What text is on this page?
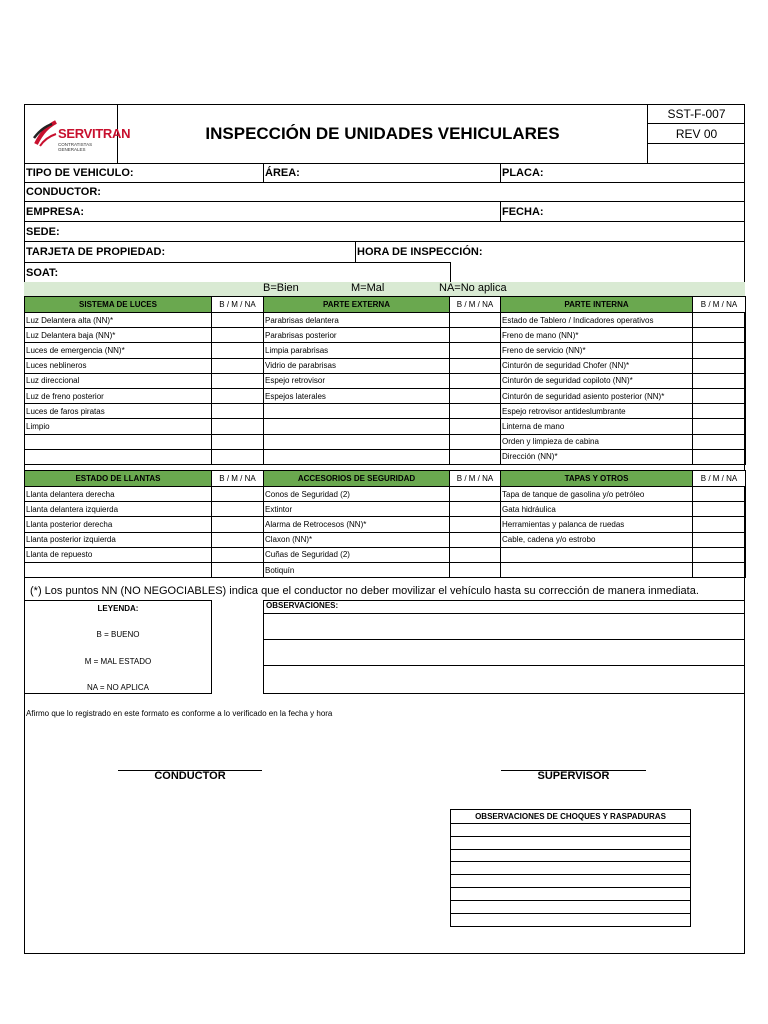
SERVITRAN
CONTRATISTAS GENERALES
INSPECCIÓN DE UNIDADES VEHICULARES
SST-F-007
REV 00
TIPO DE VEHICULO:	ÁREA:	PLACA:
CONDUCTOR:
EMPRESA:	FECHA:
SEDE:
TARJETA DE PROPIEDAD:	HORA DE INSPECCIÓN:
SOAT:
B=Bien	M=Mal	NA=No aplica
SISTEMA DE LUCES	B / M / NA	PARTE EXTERNA	B / M / NA	PARTE INTERNA	B / M / NA
Luz Delantera alta (NN)*		Parabrisas delantera		Estado de Tablero / Indicadores operativos	
Luz Delantera baja (NN)*		Parabrisas posterior		Freno de mano (NN)*	
Luces de emergencia (NN)*		Limpia parabrisas		Freno de servicio (NN)*	
Luces neblineros		Vidrio de parabrisas		Cinturón de seguridad Chofer (NN)*	
Luz direccional		Espejo retrovisor		Cinturón de seguridad copiloto (NN)*	
Luz de freno posterior		Espejos laterales		Cinturón de seguridad asiento posterior (NN)*	
Luces de faros piratas				Espejo retrovisor antideslumbrante	
Limpio				Linterna de mano	
				Orden y limpieza de cabina	
				Dirección (NN)*	
ESTADO DE LLANTAS	B / M / NA	ACCESORIOS DE SEGURIDAD	B / M / NA	TAPAS Y OTROS	B / M / NA
Llanta delantera derecha		Conos de Seguridad (2)		Tapa de tanque de gasolina y/o petróleo	
Llanta delantera izquierda		Extintor		Gata hidráulica	
Llanta posterior derecha		Alarma de Retrocesos (NN)*		Herramientas y palanca de ruedas	
Llanta posterior izquierda		Claxon (NN)*		Cable, cadena y/o estrobo	
Llanta de repuesto		Cuñas de Seguridad (2)			
		Botiquín			
(*) Los puntos NN (NO NEGOCIABLES) indica que el conductor no deber movilizar el vehículo hasta su corrección de manera inmediata.
LEYENDA:
B = BUENO
M = MAL ESTADO
NA = NO APLICA
OBSERVACIONES:
Afirmo que lo registrado en este formato es conforme a lo verificado en la fecha y hora
CONDUCTOR	SUPERVISOR
OBSERVACIONES DE CHOQUES Y RASPADURAS
